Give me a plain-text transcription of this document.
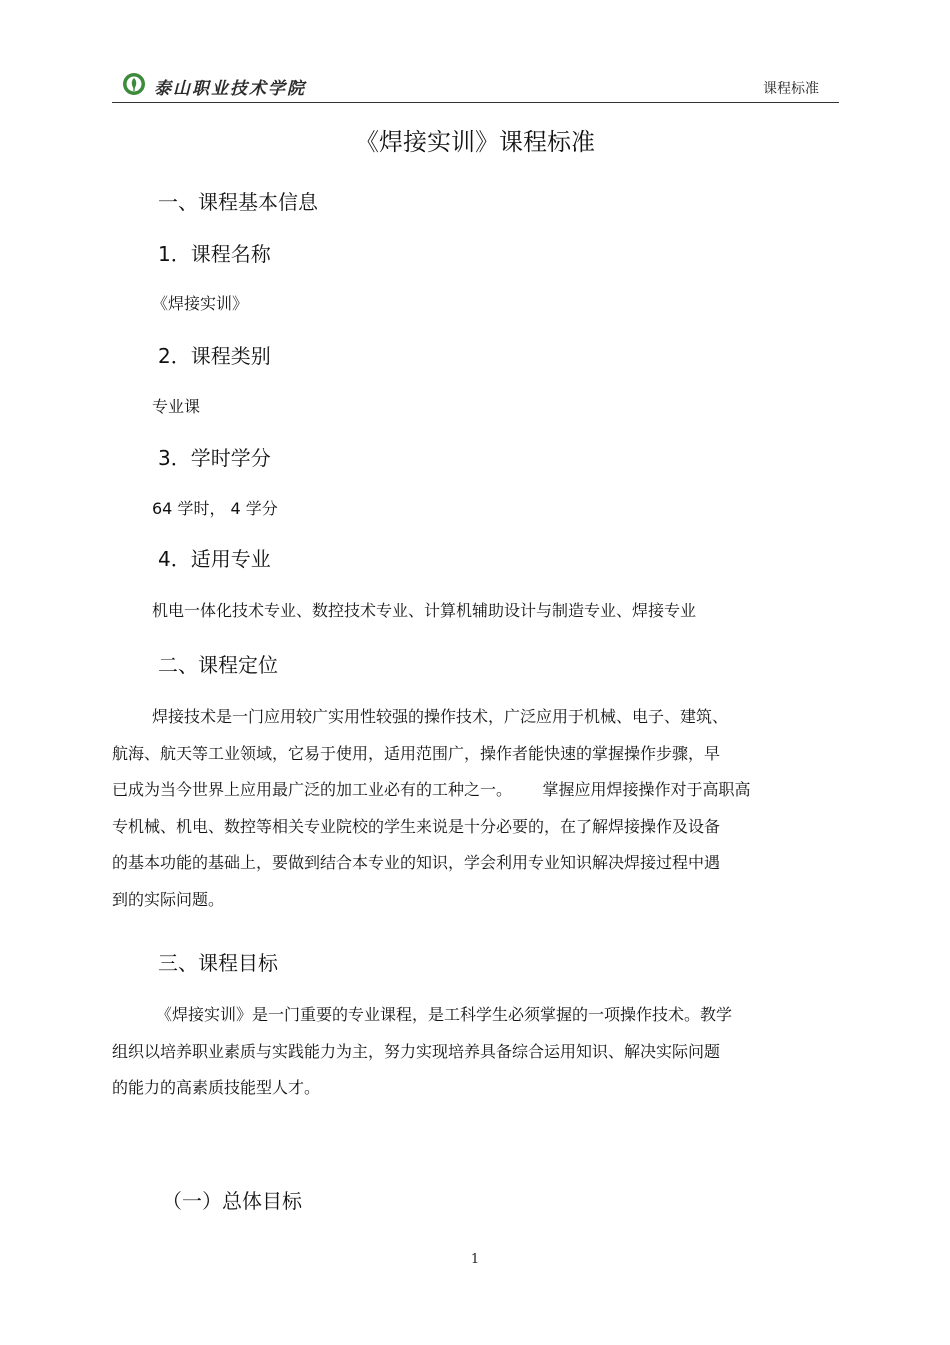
泰山职业技术学院	课程标准
《焊接实训》课程标准
一、课程基本信息
1．课程名称
《焊接实训》
2．课程类别
专业课
3．学时学分
64 学时， 4 学分
4．适用专业
机电一体化技术专业、数控技术专业、计算机辅助设计与制造专业、焊接专业
二、课程定位
焊接技术是一门应用较广实用性较强的操作技术，广泛应用于机械、电子、建筑、
航海、航天等工业领域，它易于使用，适用范围广，操作者能快速的掌握操作步骤，早
已成为当今世界上应用最广泛的加工业必有的工种之一。      掌握应用焊接操作对于高职高
专机械、机电、数控等相关专业院校的学生来说是十分必要的，在了解焊接操作及设备
的基本功能的基础上，要做到结合本专业的知识，学会利用专业知识解决焊接过程中遇
到的实际问题。
三、课程目标
《焊接实训》是一门重要的专业课程，是工科学生必须掌握的一项操作技术。教学
组织以培养职业素质与实践能力为主，努力实现培养具备综合运用知识、解决实际问题
的能力的高素质技能型人才。
（一）总体目标
1
